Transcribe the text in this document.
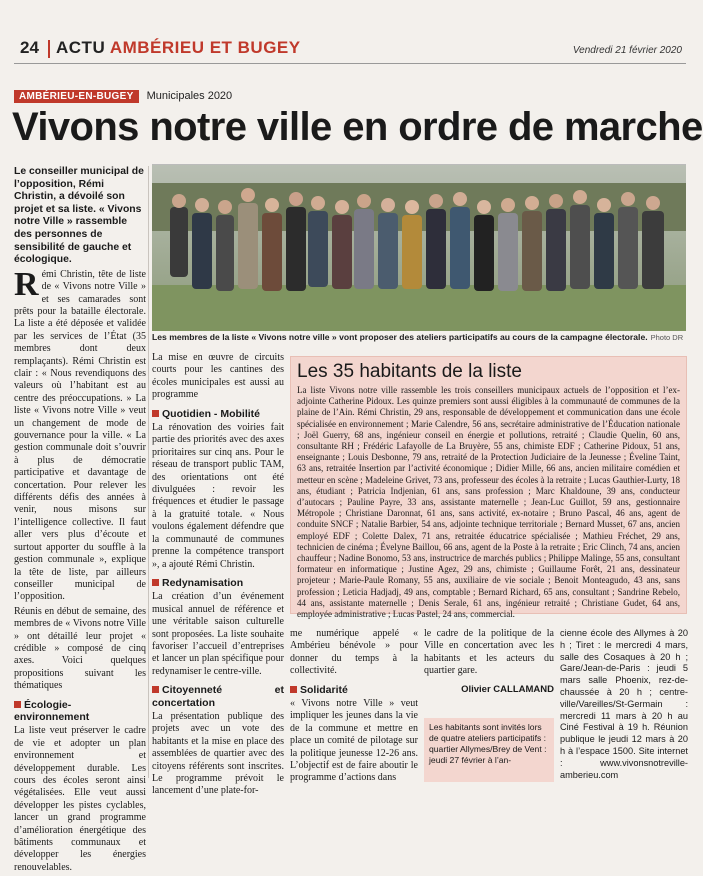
24 ACTU AMBÉRIEU ET BUGEY	Vendredi 21 février 2020
AMBÉRIEU-EN-BUGEY Municipales 2020
Vivons notre ville en ordre de marche

Le conseiller municipal de l’opposition, Rémi Christin, a dévoilé son projet et sa liste. « Vivons notre Ville » rassemble des personnes de sensibilité de gauche et écologique.

Rémi Christin, tête de liste de « Vivons notre Ville » et ses camarades sont prêts pour la bataille électorale. La liste a été déposée et validée par les services de l’État (35 membres dont deux remplaçants). Rémi Christin est clair : « Nous revendiquons des valeurs où l’habitant est au centre des préoccupations. » La liste « Vivons notre Ville » veut un changement de mode de gouvernance pour la ville. « La gestion communale doit s’ouvrir à plus de démocratie participative et davantage de concertation. Pour relever les différents défis des années à venir, nous misons sur l’intelligence collective. Il faut aller vers plus d’écoute et surtout apporter du souffle à la gestion communale », explique la tête de liste, par ailleurs conseiller municipal de l’opposition.

Réunis en début de semaine, des membres de « Vivons notre Ville » ont détaillé leur projet « crédible » composé de cinq axes. Voici quelques propositions suivant les thématiques

Écologie-environnement

La liste veut préserver le cadre de vie et adopter un plan environnement et développement durable. Les cours des écoles seront ainsi végétalisées. Elle veut aussi développer les pistes cyclables, lancer un grand programme d’amélioration énergétique des bâtiments communaux et développer les énergies renouvelables.

Les membres de la liste « Vivons notre ville » vont proposer des ateliers participatifs au cours de la campagne électorale. Photo DR

La mise en œuvre de circuits courts pour les cantines des écoles municipales est aussi au programme

Quotidien - Mobilité

La rénovation des voiries fait partie des priorités avec des axes prioritaires sur cinq ans. Pour le réseau de transport public TAM, des orientations ont été divulguées : revoir les fréquences et étudier le passage à la gratuité totale. « Nous voulons également défendre que la communauté de communes prenne la compétence transport », a ajouté Rémi Christin.

Redynamisation

La création d’un événement musical annuel de référence et une véritable saison culturelle sont proposées. La liste souhaite favoriser l’accueil d’entreprises et lancer un plan spécifique pour redynamiser le centre-ville.

Citoyenneté et concertation

La présentation publique des projets avec un vote des habitants et la mise en place des assemblées de quartier avec des citoyens référents sont inscrites. Le programme prévoit le lancement d’une plate-for-

Les 35 habitants de la liste
La liste Vivons notre ville rassemble les trois conseillers municipaux actuels de l’opposition et l’ex-adjointe Catherine Pidoux. Les quinze premiers sont aussi éligibles à la communauté de communes de la plaine de l’Ain. Rémi Christin, 29 ans, responsable de développement et communication dans une école spécialisée en environnement ; Marie Calendre, 56 ans, secrétaire administrative de l’Éducation nationale ; Joël Guerry, 68 ans, ingénieur conseil en énergie et pollutions, retraité ; Claudie Quelin, 60 ans, consultante RH ; Frédéric Lafayolle de La Bruyère, 55 ans, chimiste EDF ; Catherine Pidoux, 51 ans, enseignante ; Louis Desbonne, 79 ans, retraité de la Protection Judiciaire de la Jeunesse ; Éveline Taint, 63 ans, retraitée Insertion par l’activité économique ; Didier Mille, 66 ans, ancien militaire comédien et metteur en scène ; Madeleine Grivet, 73 ans, professeur des écoles à la retraite ; Lucas Gauthier-Lurty, 18 ans, étudiant ; Patricia Indjenian, 61 ans, sans profession ; Marc Khaldoune, 39 ans, conducteur d’autocars ; Pauline Payre, 33 ans, assistante maternelle ; Jean-Luc Guillot, 59 ans, gestionnaire Métropole ; Christiane Daronnat, 61 ans, sans activité, ex-notaire ; Bruno Pascal, 46 ans, agent de conduite SNCF ; Natalie Barbier, 54 ans, adjointe technique territoriale ; Bernard Musset, 67 ans, ancien employé EDF ; Colette Dalex, 71 ans, retraitée éducatrice spécialisée ; Mathieu Fréchet, 29 ans, technicien de cinéma ; Évelyne Baillou, 66 ans, agent de la Poste à la retraite ; Eric Clinch, 74 ans, ancien chauffeur ; Nadine Bonomo, 53 ans, instructrice de marchés publics ; Philippe Malinge, 55 ans, consultant formateur en informatique ; Justine Agez, 29 ans, chimiste ; Guillaume Forêt, 21 ans, dessinateur projeteur ; Marie-Paule Romany, 55 ans, auxiliaire de vie sociale ; Benoit Monteagudo, 43 ans, sans profession ; Leticia Hadjadj, 49 ans, comptable ; Bernard Richard, 65 ans, consultant ; Sandrine Rebelo, 44 ans, assistante maternelle ; Denis Serale, 61 ans, ingénieur retraité ; Christiane Gudet, 64 ans, employée administrative ; Lucas Pastel, 24 ans, commercial.

me numérique appelé « Ambérieu bénévole » pour donner du temps à la collectivité.

Solidarité

« Vivons notre Ville » veut impliquer les jeunes dans la vie de la commune et mettre en place un comité de pilotage sur la politique jeunesse 12-26 ans. L’objectif est de faire aboutir le programme d’actions dans

le cadre de la politique de la Ville en concertation avec les habitants et les acteurs du quartier gare.

Olivier CALLAMAND
Les habitants sont invités lors de quatre ateliers participatifs : quartier Allymes/Brey de Vent : jeudi 27 février à l’an-

cienne école des Allymes à 20 h ; Tiret : le mercredi 4 mars, salle des Cosaques à 20 h ; Gare/Jean-de-Paris : jeudi 5 mars salle Phoenix, rez-de-chaussée à 20 h ; centre-ville/Vareilles/St-Germain : mercredi 11 mars à 20 h au Ciné Festival à 19 h. Réunion publique le jeudi 12 mars à 20 h à l’espace 1500. Site internet : www.vivonsnotreville-amberieu.com
